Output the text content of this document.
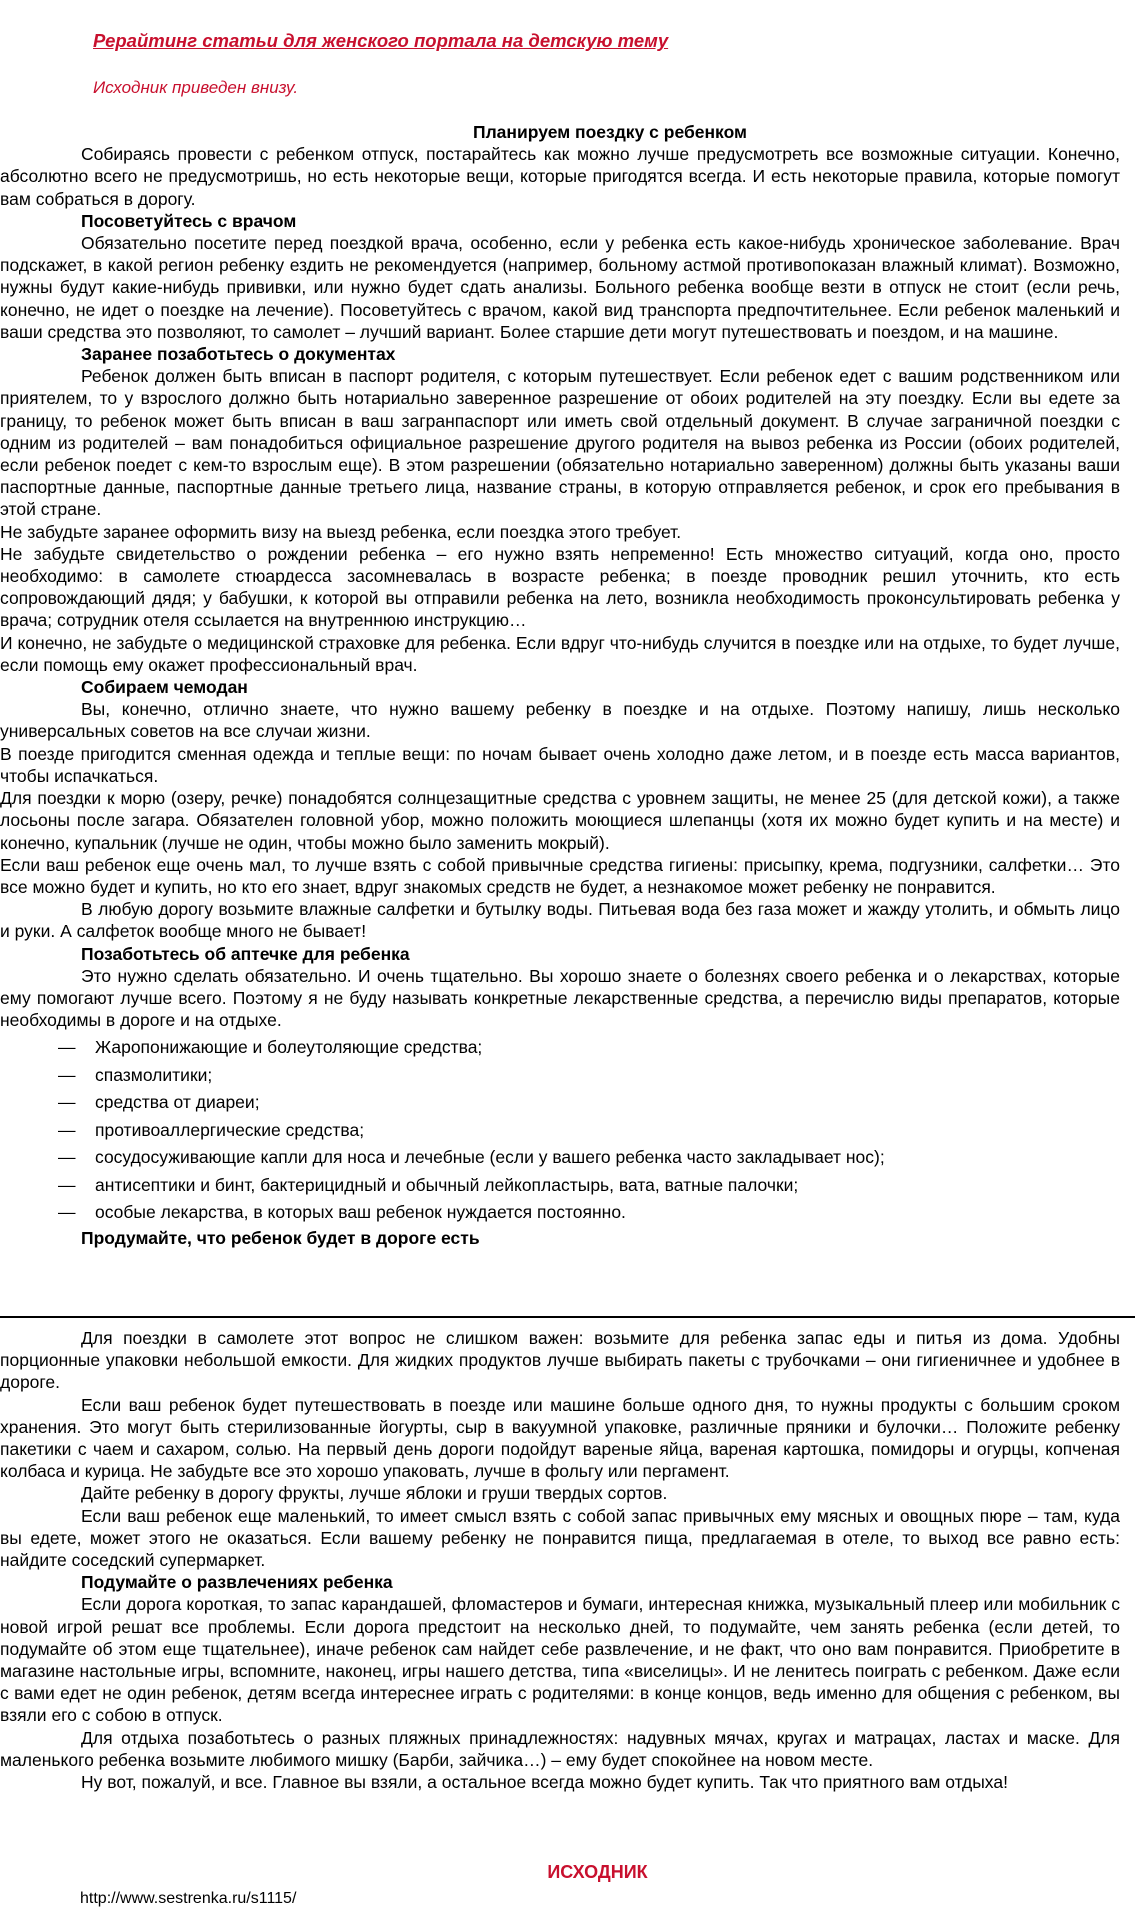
Рерайтинг статьи для женского портала на детскую тему
Исходник приведен внизу.

Планируем поездку с ребенком

Собираясь провести с ребенком отпуск, постарайтесь как можно лучше предусмотреть все возможные ситуации. Конечно, абсолютно всего не предусмотришь, но есть некоторые вещи, которые пригодятся всегда. И есть некоторые правила, которые помогут вам собраться в дорогу.

Посоветуйтесь с врачом

Обязательно посетите перед поездкой врача, особенно, если у ребенка есть какое-нибудь хроническое заболевание. Врач подскажет, в какой регион ребенку ездить не рекомендуется (например, больному астмой противопоказан влажный климат). Возможно, нужны будут какие-нибудь прививки, или нужно будет сдать анализы. Больного ребенка вообще везти в отпуск не стоит (если речь, конечно, не идет о поездке на лечение). Посоветуйтесь с врачом, какой вид транспорта предпочтительнее. Если ребенок маленький и ваши средства это позволяют, то самолет – лучший вариант. Более старшие дети могут путешествовать и поездом, и на машине.

Заранее позаботьтесь о документах

Ребенок должен быть вписан в паспорт родителя, с которым путешествует. Если ребенок едет с вашим родственником или приятелем, то у взрослого должно быть нотариально заверенное разрешение от обоих родителей на эту поездку. Если вы едете за границу, то ребенок может быть вписан в ваш загранпаспорт или иметь свой отдельный документ. В случае заграничной поездки с одним из родителей – вам понадобиться официальное разрешение другого родителя на вывоз ребенка из России (обоих родителей, если ребенок поедет с кем-то взрослым еще). В этом разрешении (обязательно нотариально заверенном) должны быть указаны ваши паспортные данные, паспортные данные третьего лица, название страны, в которую отправляется ребенок, и срок его пребывания в этой стране.

Не забудьте заранее оформить визу на выезд ребенка, если поездка этого требует.

Не забудьте свидетельство о рождении ребенка – его нужно взять непременно! Есть множество ситуаций, когда оно, просто необходимо: в самолете стюардесса засомневалась в возрасте ребенка; в поезде проводник решил уточнить, кто есть сопровождающий дядя; у бабушки, к которой вы отправили ребенка на лето, возникла необходимость проконсультировать ребенка у врача; сотрудник отеля ссылается на внутреннюю инструкцию…

И конечно, не забудьте о медицинской страховке для ребенка. Если вдруг что-нибудь случится в поездке или на отдыхе, то будет лучше, если помощь ему окажет профессиональный врач.

Собираем чемодан

Вы, конечно, отлично знаете, что нужно вашему ребенку в поездке и на отдыхе. Поэтому напишу, лишь несколько универсальных советов на все случаи жизни.

В поезде пригодится сменная одежда и теплые вещи: по ночам бывает очень холодно даже летом, и в поезде есть масса вариантов, чтобы испачкаться.

Для поездки к морю (озеру, речке) понадобятся солнцезащитные средства с уровнем защиты, не менее 25 (для детской кожи), а также лосьоны после загара. Обязателен головной убор, можно положить моющиеся шлепанцы (хотя их можно будет купить и на месте) и конечно, купальник (лучше не один, чтобы можно было заменить мокрый).

Если ваш ребенок еще очень мал, то лучше взять с собой привычные средства гигиены: присыпку, крема, подгузники, салфетки… Это все можно будет и купить, но кто его знает, вдруг знакомых средств не будет, а незнакомое может ребенку не понравится.

В любую дорогу возьмите влажные салфетки и бутылку воды. Питьевая вода без газа может и жажду утолить, и обмыть лицо и руки. А салфеток вообще много не бывает!

Позаботьтесь об аптечке для ребенка

Это нужно сделать обязательно. И очень тщательно. Вы хорошо знаете о болезнях своего ребенка и о лекарствах, которые ему помогают лучше всего. Поэтому я не буду называть конкретные лекарственные средства, а перечислю виды препаратов, которые необходимы в дороге и на отдыхе.

— Жаропонижающие и болеутоляющие средства;
— спазмолитики;
— средства от диареи;
— противоаллергические средства;
— сосудосуживающие капли для носа и лечебные (если у вашего ребенка часто закладывает нос);
— антисептики и бинт, бактерицидный и обычный лейкопластырь, вата, ватные палочки;
— особые лекарства, в которых ваш ребенок нуждается постоянно.

Продумайте, что ребенок будет в дороге есть

Для поездки в самолете этот вопрос не слишком важен: возьмите для ребенка запас еды и питья из дома. Удобны порционные упаковки небольшой емкости. Для жидких продуктов лучше выбирать пакеты с трубочками – они гигиеничнее и удобнее в дороге.

Если ваш ребенок будет путешествовать в поезде или машине больше одного дня, то нужны продукты с большим сроком хранения. Это могут быть стерилизованные йогурты, сыр в вакуумной упаковке, различные пряники и булочки… Положите ребенку пакетики с чаем и сахаром, солью. На первый день дороги подойдут вареные яйца, вареная картошка, помидоры и огурцы, копченая колбаса и курица. Не забудьте все это хорошо упаковать, лучше в фольгу или пергамент.

Дайте ребенку в дорогу фрукты, лучше яблоки и груши твердых сортов.

Если ваш ребенок еще маленький, то имеет смысл взять с собой запас привычных ему мясных и овощных пюре – там, куда вы едете, может этого не оказаться. Если вашему ребенку не понравится пища, предлагаемая в отеле, то выход все равно есть: найдите соседский супермаркет.

Подумайте о развлечениях ребенка

Если дорога короткая, то запас карандашей, фломастеров и бумаги, интересная книжка, музыкальный плеер или мобильник с новой игрой решат все проблемы. Если дорога предстоит на несколько дней, то подумайте, чем занять ребенка (если детей, то подумайте об этом еще тщательнее), иначе ребенок сам найдет себе развлечение, и не факт, что оно вам понравится. Приобретите в магазине настольные игры, вспомните, наконец, игры нашего детства, типа «виселицы». И не ленитесь поиграть с ребенком. Даже если с вами едет не один ребенок, детям всегда интереснее играть с родителями: в конце концов, ведь именно для общения с ребенком, вы взяли его с собою в отпуск.

Для отдыха позаботьтесь о разных пляжных принадлежностях: надувных мячах, кругах и матрацах, ластах и маске. Для маленького ребенка возьмите любимого мишку (Барби, зайчика…) – ему будет спокойнее на новом месте.

Ну вот, пожалуй, и все. Главное вы взяли, а остальное всегда можно будет купить. Так что приятного вам отдыха!

ИСХОДНИК
http://www.sestrenka.ru/s1115/
